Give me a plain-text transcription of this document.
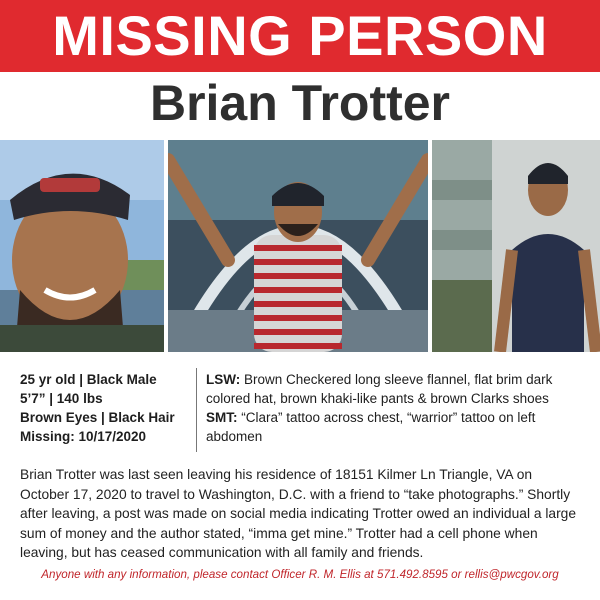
MISSING PERSON
Brian Trotter
25 yr old | Black Male
5’7” | 140 lbs
Brown Eyes | Black Hair
Missing: 10/17/2020
LSW: Brown Checkered long sleeve flannel, flat brim dark colored hat, brown khaki-like pants & brown Clarks shoes
SMT: “Clara” tattoo across chest, “warrior” tattoo on left abdomen
Brian Trotter was last seen leaving his residence of 18151 Kilmer Ln Triangle, VA on October 17, 2020 to travel to Washington, D.C. with a friend to “take photographs.” Shortly after leaving, a post was made on social media indicating Trotter owed an individual a large sum of money and the author stated, “imma get mine.” Trotter had a cell phone when leaving, but has ceased communication with all family and friends.
Anyone with any information, please contact Officer R. M. Ellis at 571.492.8595 or rellis@pwcgov.org
